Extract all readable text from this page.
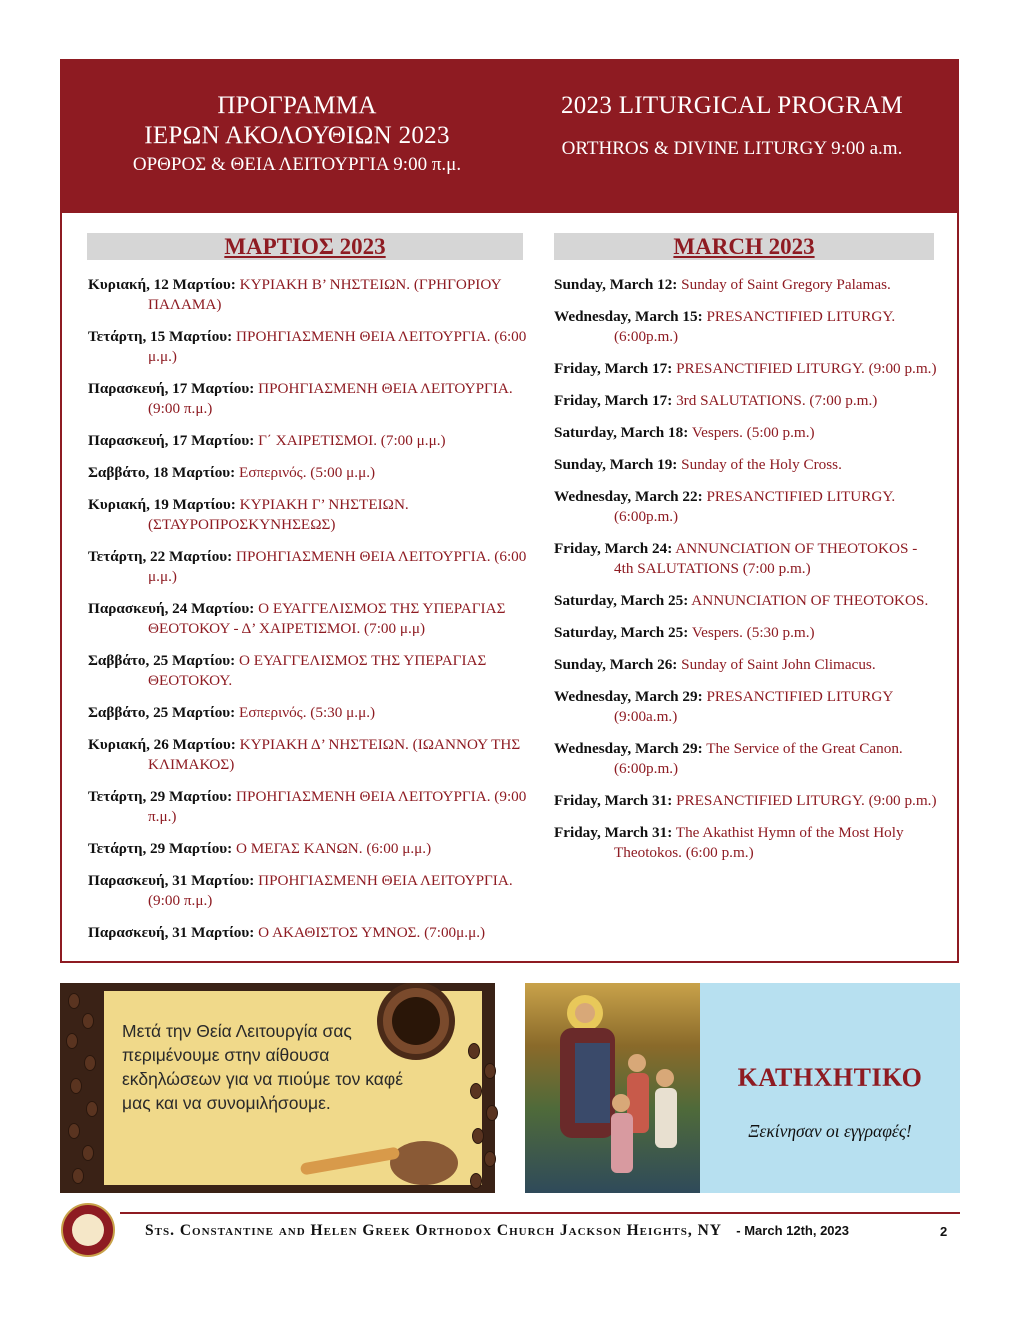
ΠΡΟΓΡΑΜΜΑ
ΙΕΡΩΝ ΑΚΟΛΟΥΘΙΩΝ 2023
ΟΡΘΡΟΣ & ΘΕΙΑ ΛΕΙΤΟΥΡΓΙΑ 9:00 π.μ.
2023 LITURGICAL PROGRAM
ORTHROS & DIVINE LITURGY 9:00 a.m.
ΜΑΡΤΙΟΣ 2023	MARCH 2023
Κυριακή, 12 Μαρτίου: ΚΥΡΙΑΚΗ Β’ ΝΗΣΤΕΙΩΝ. (ΓΡΗΓΟΡΙΟΥ ΠΑΛΑΜΑ)
Τετάρτη, 15 Μαρτίου: ΠΡΟΗΓΙΑΣΜΕΝΗ ΘΕΙΑ ΛΕΙΤΟΥΡΓΙΑ. (6:00 μ.μ.)
Παρασκευή, 17 Μαρτίου: ΠΡΟΗΓΙΑΣΜΕΝΗ ΘΕΙΑ ΛΕΙΤΟΥΡΓΙΑ. (9:00 π.μ.)
Παρασκευή, 17 Μαρτίου: Γ΄ ΧΑΙΡΕΤΙΣΜΟΙ. (7:00 μ.μ.)
Σαββάτο, 18 Μαρτίου: Εσπερινός. (5:00 μ.μ.)
Κυριακή, 19 Μαρτίου: ΚΥΡΙΑΚΗ Γ’ ΝΗΣΤΕΙΩΝ. (ΣΤΑΥΡΟΠΡΟΣΚΥΝΗΣΕΩΣ)
Τετάρτη, 22 Μαρτίου: ΠΡΟΗΓΙΑΣΜΕΝΗ ΘΕΙΑ ΛΕΙΤΟΥΡΓΙΑ. (6:00 μ.μ.)
Παρασκευή, 24 Μαρτίου: Ο ΕΥΑΓΓΕΛΙΣΜΟΣ ΤΗΣ ΥΠΕΡΑΓΙΑΣ ΘΕΟΤΟΚΟΥ - Δ’ ΧΑΙΡΕΤΙΣΜΟΙ. (7:00 μ.μ)
Σαββάτο, 25 Μαρτίου: Ο ΕΥΑΓΓΕΛΙΣΜΟΣ ΤΗΣ ΥΠΕΡΑΓΙΑΣ ΘΕΟΤΟΚΟΥ.
Σαββάτο, 25 Μαρτίου: Εσπερινός. (5:30 μ.μ.)
Κυριακή, 26 Μαρτίου: ΚΥΡΙΑΚΗ Δ’ ΝΗΣΤΕΙΩΝ. (ΙΩΑΝΝΟΥ ΤΗΣ ΚΛΙΜΑΚΟΣ)
Τετάρτη, 29 Μαρτίου: ΠΡΟΗΓΙΑΣΜΕΝΗ ΘΕΙΑ ΛΕΙΤΟΥΡΓΙΑ. (9:00 π.μ.)
Τετάρτη, 29 Μαρτίου: Ο ΜΕΓΑΣ ΚΑΝΩΝ. (6:00 μ.μ.)
Παρασκευή, 31 Μαρτίου: ΠΡΟΗΓΙΑΣΜΕΝΗ ΘΕΙΑ ΛΕΙΤΟΥΡΓΙΑ. (9:00 π.μ.)
Παρασκευή, 31 Μαρτίου: Ο ΑΚΑΘΙΣΤΟΣ ΥΜΝΟΣ. (7:00μ.μ.)
Sunday, March 12: Sunday of Saint Gregory Palamas.
Wednesday, March 15: PRESANCTIFIED LITURGY. (6:00p.m.)
Friday, March 17: PRESANCTIFIED LITURGY. (9:00 p.m.)
Friday, March 17: 3rd SALUTATIONS. (7:00 p.m.)
Saturday, March 18: Vespers. (5:00 p.m.)
Sunday, March 19: Sunday of the Holy Cross.
Wednesday, March 22: PRESANCTIFIED LITURGY. (6:00p.m.)
Friday, March 24: ANNUNCIATION OF THEOTOKOS - 4th SALUTATIONS (7:00 p.m.)
Saturday, March 25: ANNUNCIATION OF THEOTOKOS.
Saturday, March 25: Vespers. (5:30 p.m.)
Sunday, March 26: Sunday of Saint John Climacus.
Wednesday, March 29: PRESANCTIFIED LITURGY (9:00a.m.)
Wednesday, March 29: The Service of the Great Canon. (6:00p.m.)
Friday, March 31: PRESANCTIFIED LITURGY. (9:00 p.m.)
Friday, March 31: The Akathist Hymn of the Most Holy Theotokos. (6:00 p.m.)
Μετά την Θεία Λειτουργία σας περιμένουμε στην αίθουσα εκδηλώσεων για να πιούμε τον καφέ μας και να συνομιλήσουμε.
ΚΑΤΗΧΗΤΙΚΟ
Ξεκίνησαν οι εγγραφές!
Sts. Constantine and Helen Greek Orthodox Church Jackson Heights, NY - March 12th, 2023	2
